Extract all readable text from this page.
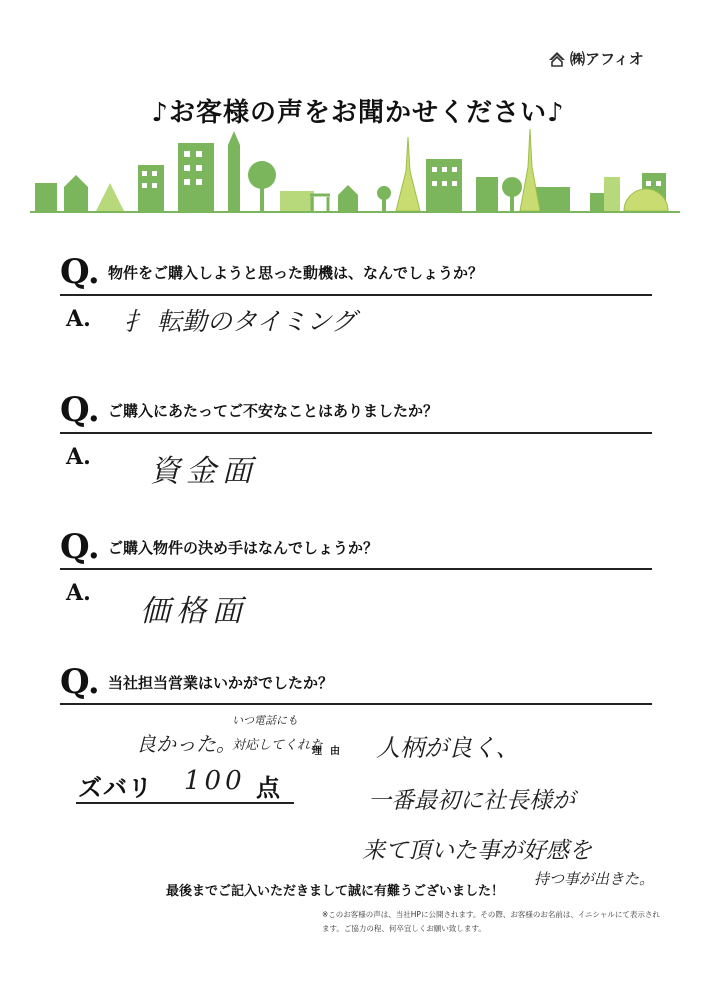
㈱アフィオ
♪お客様の声をお聞かせください♪
Q. 物件をご購入しようと思った動機は、なんでしょうか？
A. ⺘ 転勤のタイミング
Q. ご購入にあたってご不安なことはありましたか？
A. 資金面
Q. ご購入物件の決め手はなんでしょうか？
A.
価格面
Q. 当社担当営業はいかがでしたか？
良かった。
いつ電話にも
対応してくれた
理由 人柄が良く、
一番最初に社長様が
来て頂いた事が好感を
持つ事が出きた。
ズバリ 100 点
最後までご記入いただきまして誠に有難うございました！
※このお客様の声は、当社HPに公開されます。その際、お客様のお名前は、イニシャルにて表示され
ます。ご協力の程、何卒宜しくお願い致します。
